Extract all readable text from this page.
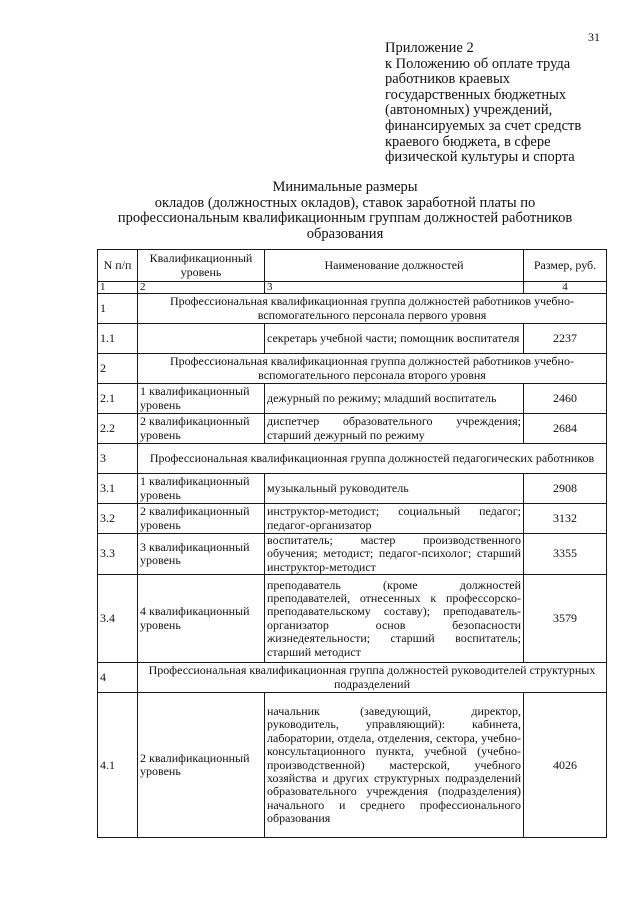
31
Приложение 2
к Положению об оплате труда
работников краевых
государственных бюджетных
(автономных) учреждений,
финансируемых за счет средств
краевого бюджета, в сфере
физической культуры и спорта
Минимальные размеры
окладов (должностных окладов), ставок заработной платы по
профессиональным квалификационным группам должностей работников
образования
N п/п	Квалификационный уровень	Наименование должностей	Размер, руб.
1	2	3	4
1	Профессиональная квалификационная группа должностей работников учебно-вспомогательного персонала первого уровня		
1.1		секретарь учебной части; помощник воспитателя	2237
2	Профессиональная квалификационная группа должностей работников учебно-вспомогательного персонала второго уровня		
2.1	1 квалификационный уровень	дежурный по режиму; младший воспитатель	2460
2.2	2 квалификационный уровень	диспетчер образовательного учреждения; старший дежурный по режиму	2684
3	Профессиональная квалификационная группа должностей педагогических работников		
3.1	1 квалификационный уровень	музыкальный руководитель	2908
3.2	2 квалификационный уровень	инструктор-методист; социальный педагог; педагог-организатор	3132
3.3	3 квалификационный уровень	воспитатель; мастер производственного обучения; методист; педагог-психолог; старший инструктор-методист	3355
3.4	4 квалификационный уровень	преподаватель (кроме должностей преподавателей, отнесенных к профессорско-преподавательскому составу); преподаватель-организатор основ безопасности жизнедеятельности; старший воспитатель; старший методист	3579
4	Профессиональная квалификационная группа должностей руководителей структурных подразделений		
4.1	2 квалификационный уровень	начальник (заведующий, директор, руководитель, управляющий): кабинета, лаборатории, отдела, отделения, сектора, учебно-консультационного пункта, учебной (учебно-производственной) мастерской, учебного хозяйства и других структурных подразделений образовательного учреждения (подразделения) начального и среднего профессионального образования	4026
